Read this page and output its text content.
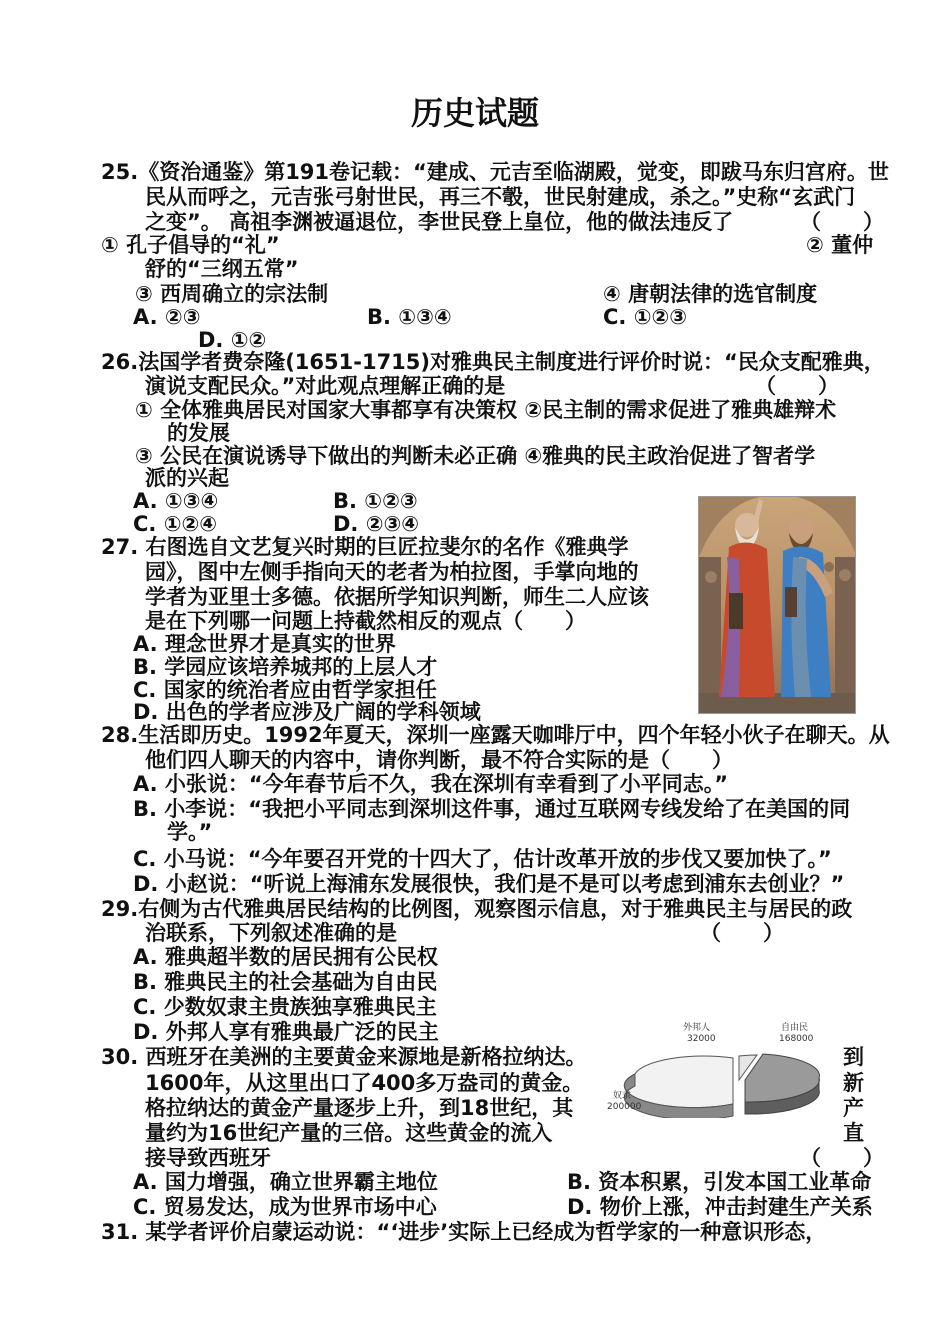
历史试题
25.《资治通鉴》第191卷记载：“建成、元吉至临湖殿，觉变，即跋马东归宫府。世
民从而呼之，元吉张弓射世民，再三不彀，世民射建成，杀之。”史称“玄武门
之变”。 高祖李渊被逼退位，李世民登上皇位，他的做法违反了	（　　）
① 孔子倡导的“礼”	② 董仲
舒的“三纲五常”
③ 西周确立的宗法制	④ 唐朝法律的选官制度
A. ②③	B. ①③④	C. ①②③
D. ①②
26.法国学者费奈隆(1651-1715)对雅典民主制度进行评价时说：“民众支配雅典，
演说支配民众。”对此观点理解正确的是	（　　）
① 全体雅典居民对国家大事都享有决策权 ②民主制的需求促进了雅典雄辩术
的发展
③ 公民在演说诱导下做出的判断未必正确 ④雅典的民主政治促进了智者学
派的兴起
A. ①③④	B. ①②③
C. ①②④	D. ②③④
27. 右图选自文艺复兴时期的巨匠拉斐尔的名作《雅典学
园》，图中左侧手指向天的老者为柏拉图，手掌向地的
学者为亚里士多德。依据所学知识判断，师生二人应该
是在下列哪一问题上持截然相反的观点（　　）
A. 理念世界才是真实的世界
B. 学园应该培养城邦的上层人才
C. 国家的统治者应由哲学家担任
D. 出色的学者应涉及广阔的学科领域
28.生活即历史。1992年夏天，深圳一座露天咖啡厅中，四个年轻小伙子在聊天。从
他们四人聊天的内容中，请你判断，最不符合实际的是（　　）
A. 小张说：“今年春节后不久，我在深圳有幸看到了小平同志。”
B. 小李说：“我把小平同志到深圳这件事，通过互联网专线发给了在美国的同
学。”
C. 小马说：“今年要召开党的十四大了，估计改革开放的步伐又要加快了。”
D. 小赵说：“听说上海浦东发展很快，我们是不是可以考虑到浦东去创业？”
29.右侧为古代雅典居民结构的比例图，观察图示信息，对于雅典民主与居民的政
治联系，下列叙述准确的是	（　　）
A. 雅典超半数的居民拥有公民权
B. 雅典民主的社会基础为自由民
C. 少数奴隶主贵族独享雅典民主
D. 外邦人享有雅典最广泛的民主	外邦人
32000
自由民
168000
奴隶
200000
30. 西班牙在美洲的主要黄金来源地是新格拉纳达。
1600年，从这里出口了400多万盎司的黄金。
格拉纳达的黄金产量逐步上升，到18世纪，其
量约为16世纪产量的三倍。这些黄金的流入
接导致西班牙
到
新
产
直
（　　）
A. 国力增强，确立世界霸主地位	B. 资本积累，引发本国工业革命
C. 贸易发达，成为世界市场中心	D. 物价上涨，冲击封建生产关系
31. 某学者评价启蒙运动说：“‘进步’实际上已经成为哲学家的一种意识形态，
